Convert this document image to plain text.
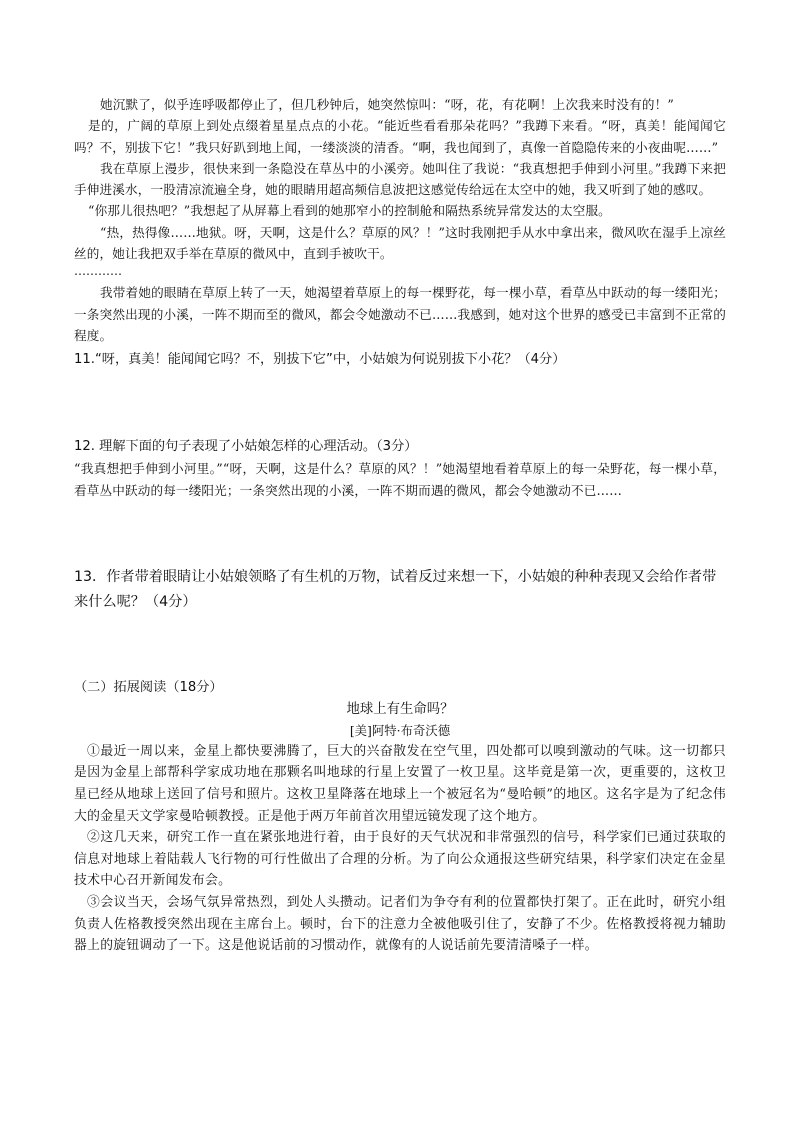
她沉默了，似乎连呼吸都停止了，但几秒钟后，她突然惊叫：“呀，花，有花啊！上次我来时没有的！”

是的，广阔的草原上到处点缀着星星点点的小花。“能近些看看那朵花吗？”我蹲下来看。“呀，真美！能闻闻它吗？不，别拔下它！”我只好趴到地上闻，一缕淡淡的清香。“啊，我也闻到了，真像一首隐隐传来的小夜曲呢……”

我在草原上漫步，很快来到一条隐没在草丛中的小溪旁。她叫住了我说：“我真想把手伸到小河里。”我蹲下来把手伸进溪水，一股清凉流遍全身，她的眼睛用超高频信息波把这感觉传给远在太空中的她，我又听到了她的感叹。

“你那儿很热吧？”我想起了从屏幕上看到的她那窄小的控制舱和隔热系统异常发达的太空服。

“热，热得像……地狱。呀，天啊，这是什么？草原的风？！”这时我刚把手从水中拿出来，微风吹在湿手上凉丝丝的，她让我把双手举在草原的微风中，直到手被吹干。

…………

我带着她的眼睛在草原上转了一天，她渴望着草原上的每一棵野花，每一棵小草，看草丛中跃动的每一缕阳光；一条突然出现的小溪，一阵不期而至的微风，都会令她激动不已……我感到，她对这个世界的感受已丰富到不正常的程度。

11.“呀，真美！能闻闻它吗？不，别拔下它”中，小姑娘为何说别拔下小花？（4分）

12. 理解下面的句子表现了小姑娘怎样的心理活动。（3分）

“我真想把手伸到小河里。”“呀，天啊，这是什么？草原的风？！”她渴望地看着草原上的每一朵野花，每一棵小草，看草丛中跃动的每一缕阳光；一条突然出现的小溪，一阵不期而遇的微风，都会令她激动不已……

13．作者带着眼睛让小姑娘领略了有生机的万物，试着反过来想一下，小姑娘的种种表现又会给作者带来什么呢？（4分）

（二）拓展阅读（18分）

地球上有生命吗？

[美]阿特·布奇沃德

①最近一周以来，金星上都快要沸腾了，巨大的兴奋散发在空气里，四处都可以嗅到激动的气味。这一切都只是因为金星上部帮科学家成功地在那颗名叫地球的行星上安置了一枚卫星。这毕竟是第一次，更重要的，这枚卫星已经从地球上送回了信号和照片。这枚卫星降落在地球上一个被冠名为“曼哈顿”的地区。这名字是为了纪念伟大的金星天文学家曼哈顿教授。正是他于两万年前首次用望远镜发现了这个地方。

②这几天来，研究工作一直在紧张地进行着，由于良好的天气状况和非常强烈的信号，科学家们已通过获取的信息对地球上着陆载人飞行物的可行性做出了合理的分析。为了向公众通报这些研究结果，科学家们决定在金星技术中心召开新闻发布会。

③会议当天，会场气氛异常热烈，到处人头攒动。记者们为争夺有利的位置都快打架了。正在此时，研究小组负责人佐格教授突然出现在主席台上。顿时，台下的注意力全被他吸引住了，安静了不少。佐格教授将视力辅助器上的旋钮调动了一下。这是他说话前的习惯动作，就像有的人说话前先要清清嗓子一样。
